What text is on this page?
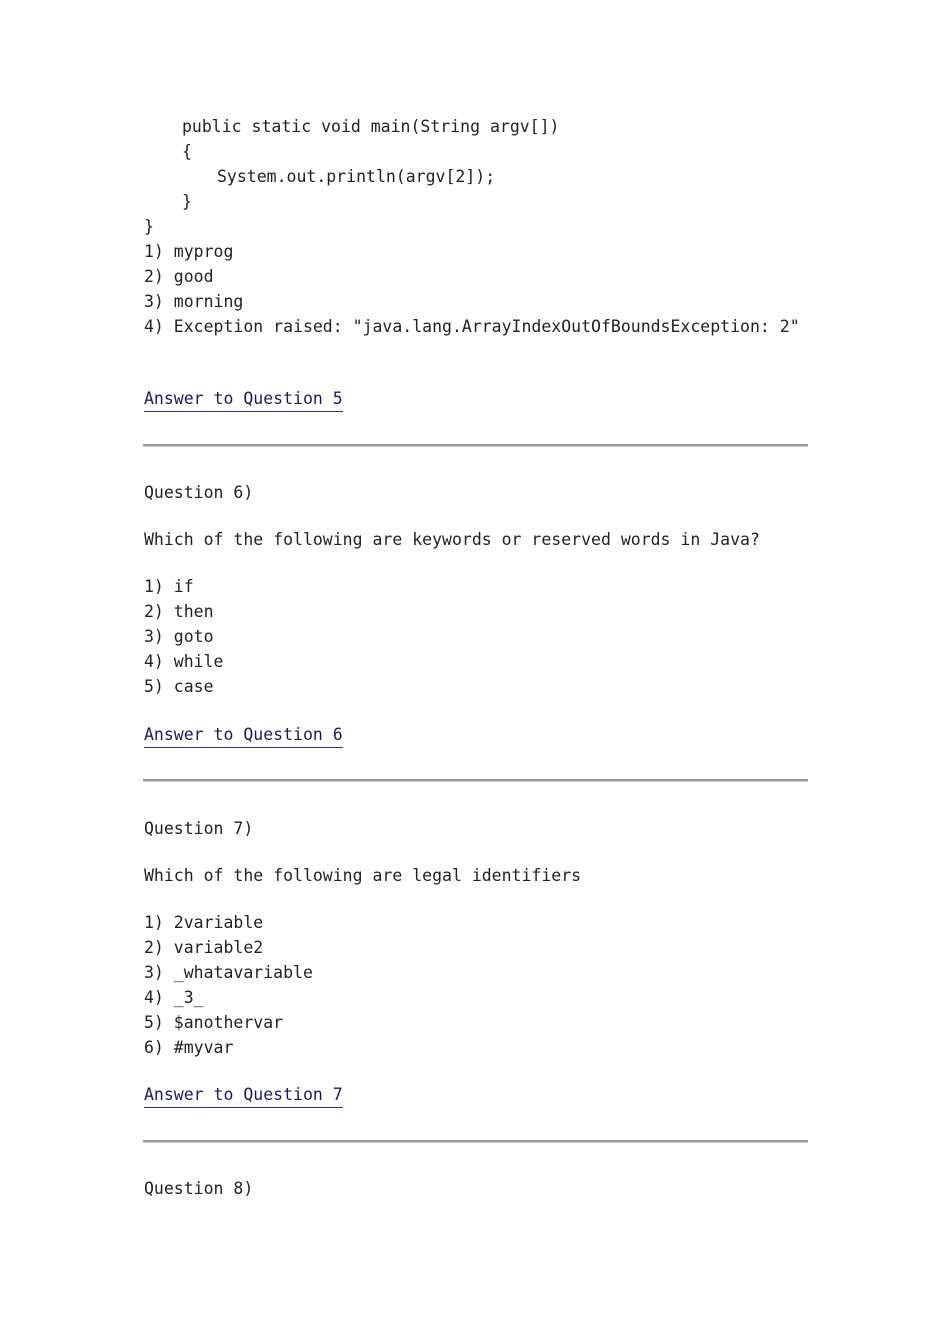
public static void main(String argv[])
{
System.out.println(argv[2]);
}
}
1) myprog
2) good
3) morning
4) Exception raised: "java.lang.ArrayIndexOutOfBoundsException: 2"
Answer to Question 5
Question 6)
Which of the following are keywords or reserved words in Java?
1) if
2) then
3) goto
4) while
5) case
Answer to Question 6
Question 7)
Which of the following are legal identifiers
1) 2variable
2) variable2
3) _whatavariable
4) _3_
5) $anothervar
6) #myvar
Answer to Question 7
Question 8)
